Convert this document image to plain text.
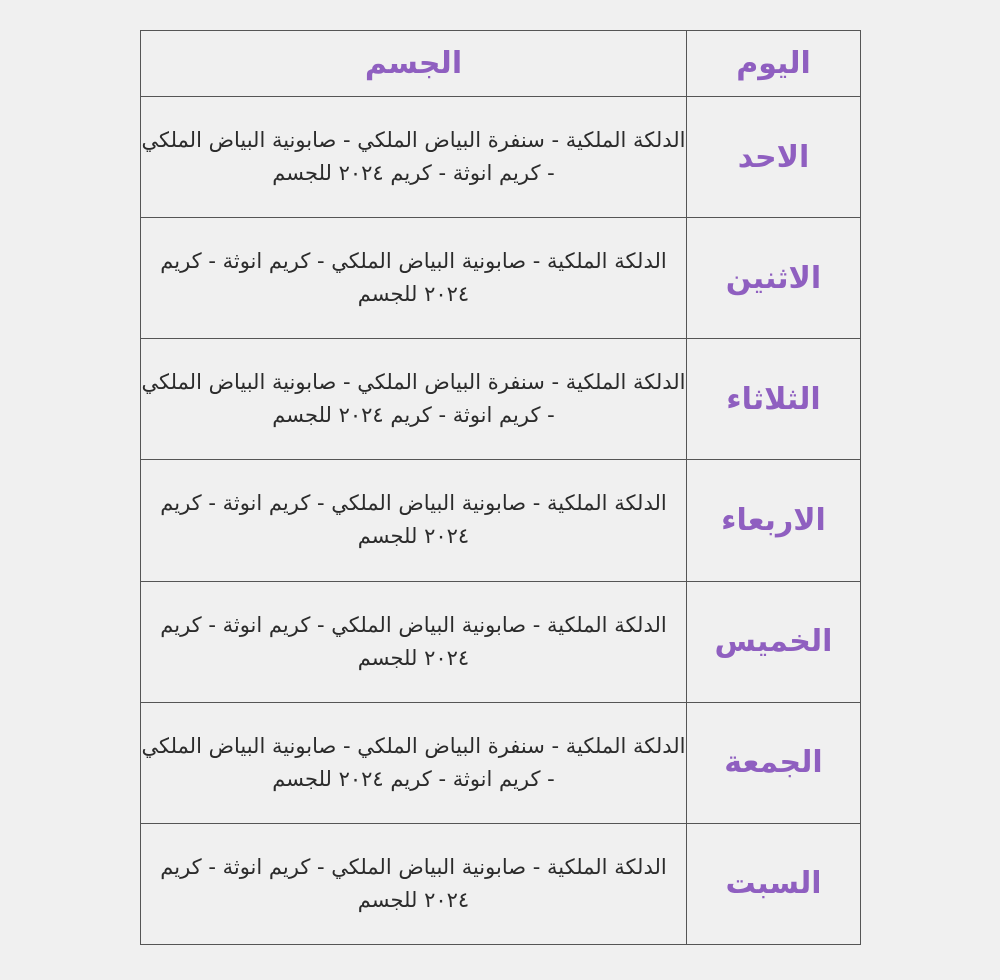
اليوم	الجسم
الاحد	الدلكة الملكية - سنفرة البياض الملكي - صابونية البياض الملكي - كريم انوثة - كريم ٢٠٢٤ للجسم
الاثنين	الدلكة الملكية - صابونية البياض الملكي - كريم انوثة - كريم ٢٠٢٤ للجسم
الثلاثاء	الدلكة الملكية - سنفرة البياض الملكي - صابونية البياض الملكي - كريم انوثة - كريم ٢٠٢٤ للجسم
الاربعاء	الدلكة الملكية - صابونية البياض الملكي - كريم انوثة - كريم ٢٠٢٤ للجسم
الخميس	الدلكة الملكية - صابونية البياض الملكي - كريم انوثة - كريم ٢٠٢٤ للجسم
الجمعة	الدلكة الملكية - سنفرة البياض الملكي - صابونية البياض الملكي - كريم انوثة - كريم ٢٠٢٤ للجسم
السبت	الدلكة الملكية - صابونية البياض الملكي - كريم انوثة - كريم ٢٠٢٤ للجسم
